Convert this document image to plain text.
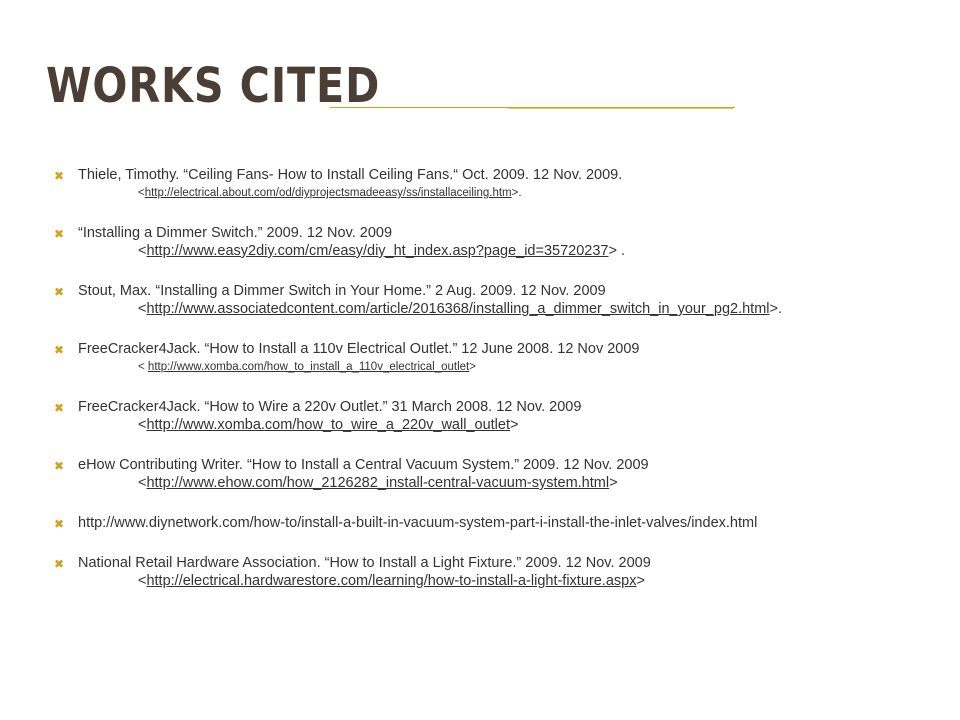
WORKS CITED
✖ Thiele, Timothy. “Ceiling Fans- How to Install Ceiling Fans.“ Oct. 2009. 12 Nov. 2009.
<http://electrical.about.com/od/diyprojectsmadeeasy/ss/installaceiling.htm>.
✖ “Installing a Dimmer Switch.” 2009. 12 Nov. 2009
<http://www.easy2diy.com/cm/easy/diy_ht_index.asp?page_id=35720237> .
✖ Stout, Max. “Installing a Dimmer Switch in Your Home.” 2 Aug. 2009. 12 Nov. 2009
<http://www.associatedcontent.com/article/2016368/installing_a_dimmer_switch_in_your_pg2.html>.
✖ FreeCracker4Jack. “How to Install a 110v Electrical Outlet.” 12 June 2008. 12 Nov 2009
< http://www.xomba.com/how_to_install_a_110v_electrical_outlet>
✖ FreeCracker4Jack. “How to Wire a 220v Outlet.” 31 March 2008. 12 Nov. 2009
<http://www.xomba.com/how_to_wire_a_220v_wall_outlet>
✖ eHow Contributing Writer. “How to Install a Central Vacuum System.” 2009. 12 Nov. 2009
<http://www.ehow.com/how_2126282_install-central-vacuum-system.html>
✖ http://www.diynetwork.com/how-to/install-a-built-in-vacuum-system-part-i-install-the-inlet-valves/index.html
✖ National Retail Hardware Association. “How to Install a Light Fixture.” 2009. 12 Nov. 2009
<http://electrical.hardwarestore.com/learning/how-to-install-a-light-fixture.aspx>
